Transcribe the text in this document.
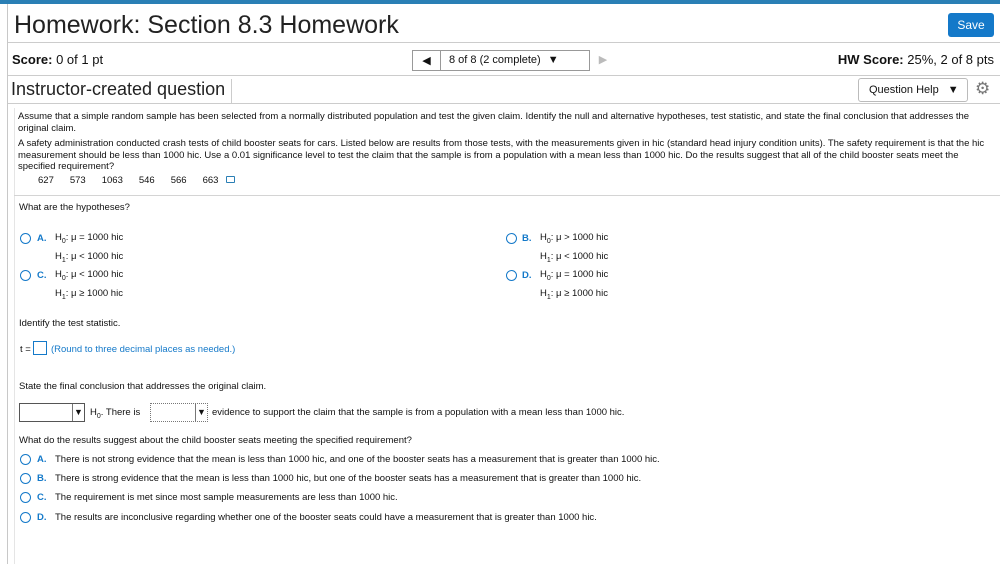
Homework: Section 8.3 Homework	Save
Score: 0 of 1 pt	◀	8 of 8 (2 complete) ▼	▶	HW Score: 25%, 2 of 8 pts
Instructor-created question	Question Help ▼ ⚙
Assume that a simple random sample has been selected from a normally distributed population and test the given claim. Identify the null and alternative hypotheses, test statistic, and state the final conclusion that addresses the original claim.
A safety administration conducted crash tests of child booster seats for cars. Listed below are results from those tests, with the measurements given in hic (standard head injury condition units). The safety requirement is that the hic measurement should be less than 1000 hic. Use a 0.01 significance level to test the claim that the sample is from a population with a mean less than 1000 hic. Do the results suggest that all of the child booster seats meet the specified requirement?
627 573 1063 546 566 663
What are the hypotheses?
A. $H_0$: μ = 1000 hic
$H_1$: μ < 1000 hic
B. $H_0$: μ > 1000 hic
$H_1$: μ < 1000 hic
C. $H_0$: μ < 1000 hic
$H_1$: μ ≥ 1000 hic
D. $H_0$: μ = 1000 hic
$H_1$: μ ≥ 1000 hic
Identify the test statistic.
t = (Round to three decimal places as needed.)
State the final conclusion that addresses the original claim.
▼ $H_0$. There is	▼ evidence to support the claim that the sample is from a population with a mean less than 1000 hic.
What do the results suggest about the child booster seats meeting the specified requirement?
A. There is not strong evidence that the mean is less than 1000 hic, and one of the booster seats has a measurement that is greater than 1000 hic.
B. There is strong evidence that the mean is less than 1000 hic, but one of the booster seats has a measurement that is greater than 1000 hic.
C. The requirement is met since most sample measurements are less than 1000 hic.
D. The results are inconclusive regarding whether one of the booster seats could have a measurement that is greater than 1000 hic.
